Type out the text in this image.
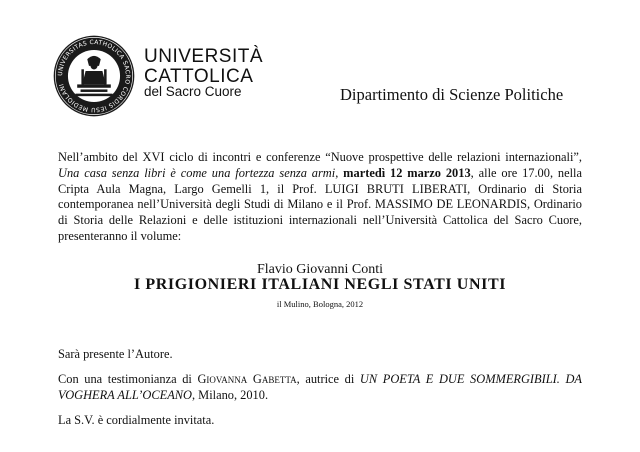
UNIVERSITAS CATHOLICA SACRO CORDIS IESU MEDIOLANI
UNIVERSITÀ
CATTOLICA
del Sacro Cuore	Dipartimento di Scienze Politiche
Nell’ambito del XVI ciclo di incontri e conferenze “Nuove prospettive delle relazioni internazionali”, Una casa senza libri è come una fortezza senza armi, martedì 12 marzo 2013, alle ore 17.00, nella Cripta Aula Magna, Largo Gemelli 1, il Prof. LUIGI BRUTI LIBERATI, Ordinario di Storia contemporanea nell’Università degli Studi di Milano e il Prof. MASSIMO DE LEONARDIS, Ordinario di Storia delle Relazioni e delle istituzioni internazionali nell’Università Cattolica del Sacro Cuore, presenteranno il volume:
Flavio Giovanni Conti
I PRIGIONIERI ITALIANI NEGLI STATI UNITI
il Mulino, Bologna, 2012
Sarà presente l’Autore.
Con una testimonianza di Giovanna Gabetta, autrice di UN POETA E DUE SOMMERGIBILI. DA VOGHERA ALL’OCEANO, Milano, 2010.
La S.V. è cordialmente invitata.
